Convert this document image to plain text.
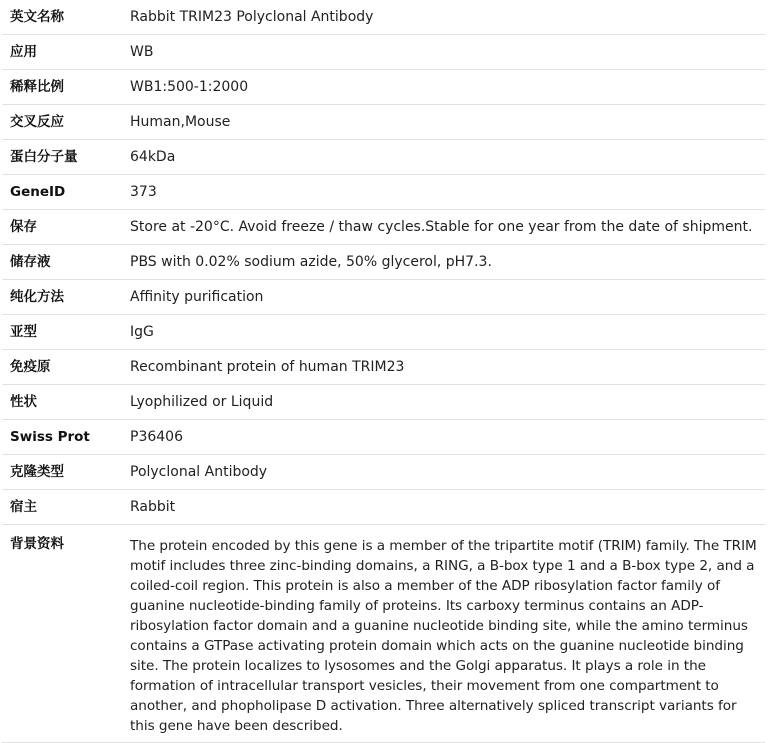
英文名称	Rabbit TRIM23 Polyclonal Antibody
应用	WB
稀释比例	WB1:500-1:2000
交叉反应	Human,Mouse
蛋白分子量	64kDa
GeneID	373
保存	Store at -20°C. Avoid freeze / thaw cycles.Stable for one year from the date of shipment.
储存液	PBS with 0.02% sodium azide, 50% glycerol, pH7.3.
纯化方法	Affinity purification
亚型	IgG
免疫原	Recombinant protein of human TRIM23
性状	Lyophilized or Liquid
Swiss Prot	P36406
克隆类型	Polyclonal Antibody
宿主	Rabbit
背景资料	The protein encoded by this gene is a member of the tripartite motif (TRIM) family. The TRIM motif includes three zinc-binding domains, a RING, a B-box type 1 and a B-box type 2, and a coiled-coil region. This protein is also a member of the ADP ribosylation factor family of guanine nucleotide-binding family of proteins. Its carboxy terminus contains an ADP-ribosylation factor domain and a guanine nucleotide binding site, while the amino terminus contains a GTPase activating protein domain which acts on the guanine nucleotide binding site. The protein localizes to lysosomes and the Golgi apparatus. It plays a role in the formation of intracellular transport vesicles, their movement from one compartment to another, and phopholipase D activation. Three alternatively spliced transcript variants for this gene have been described.
